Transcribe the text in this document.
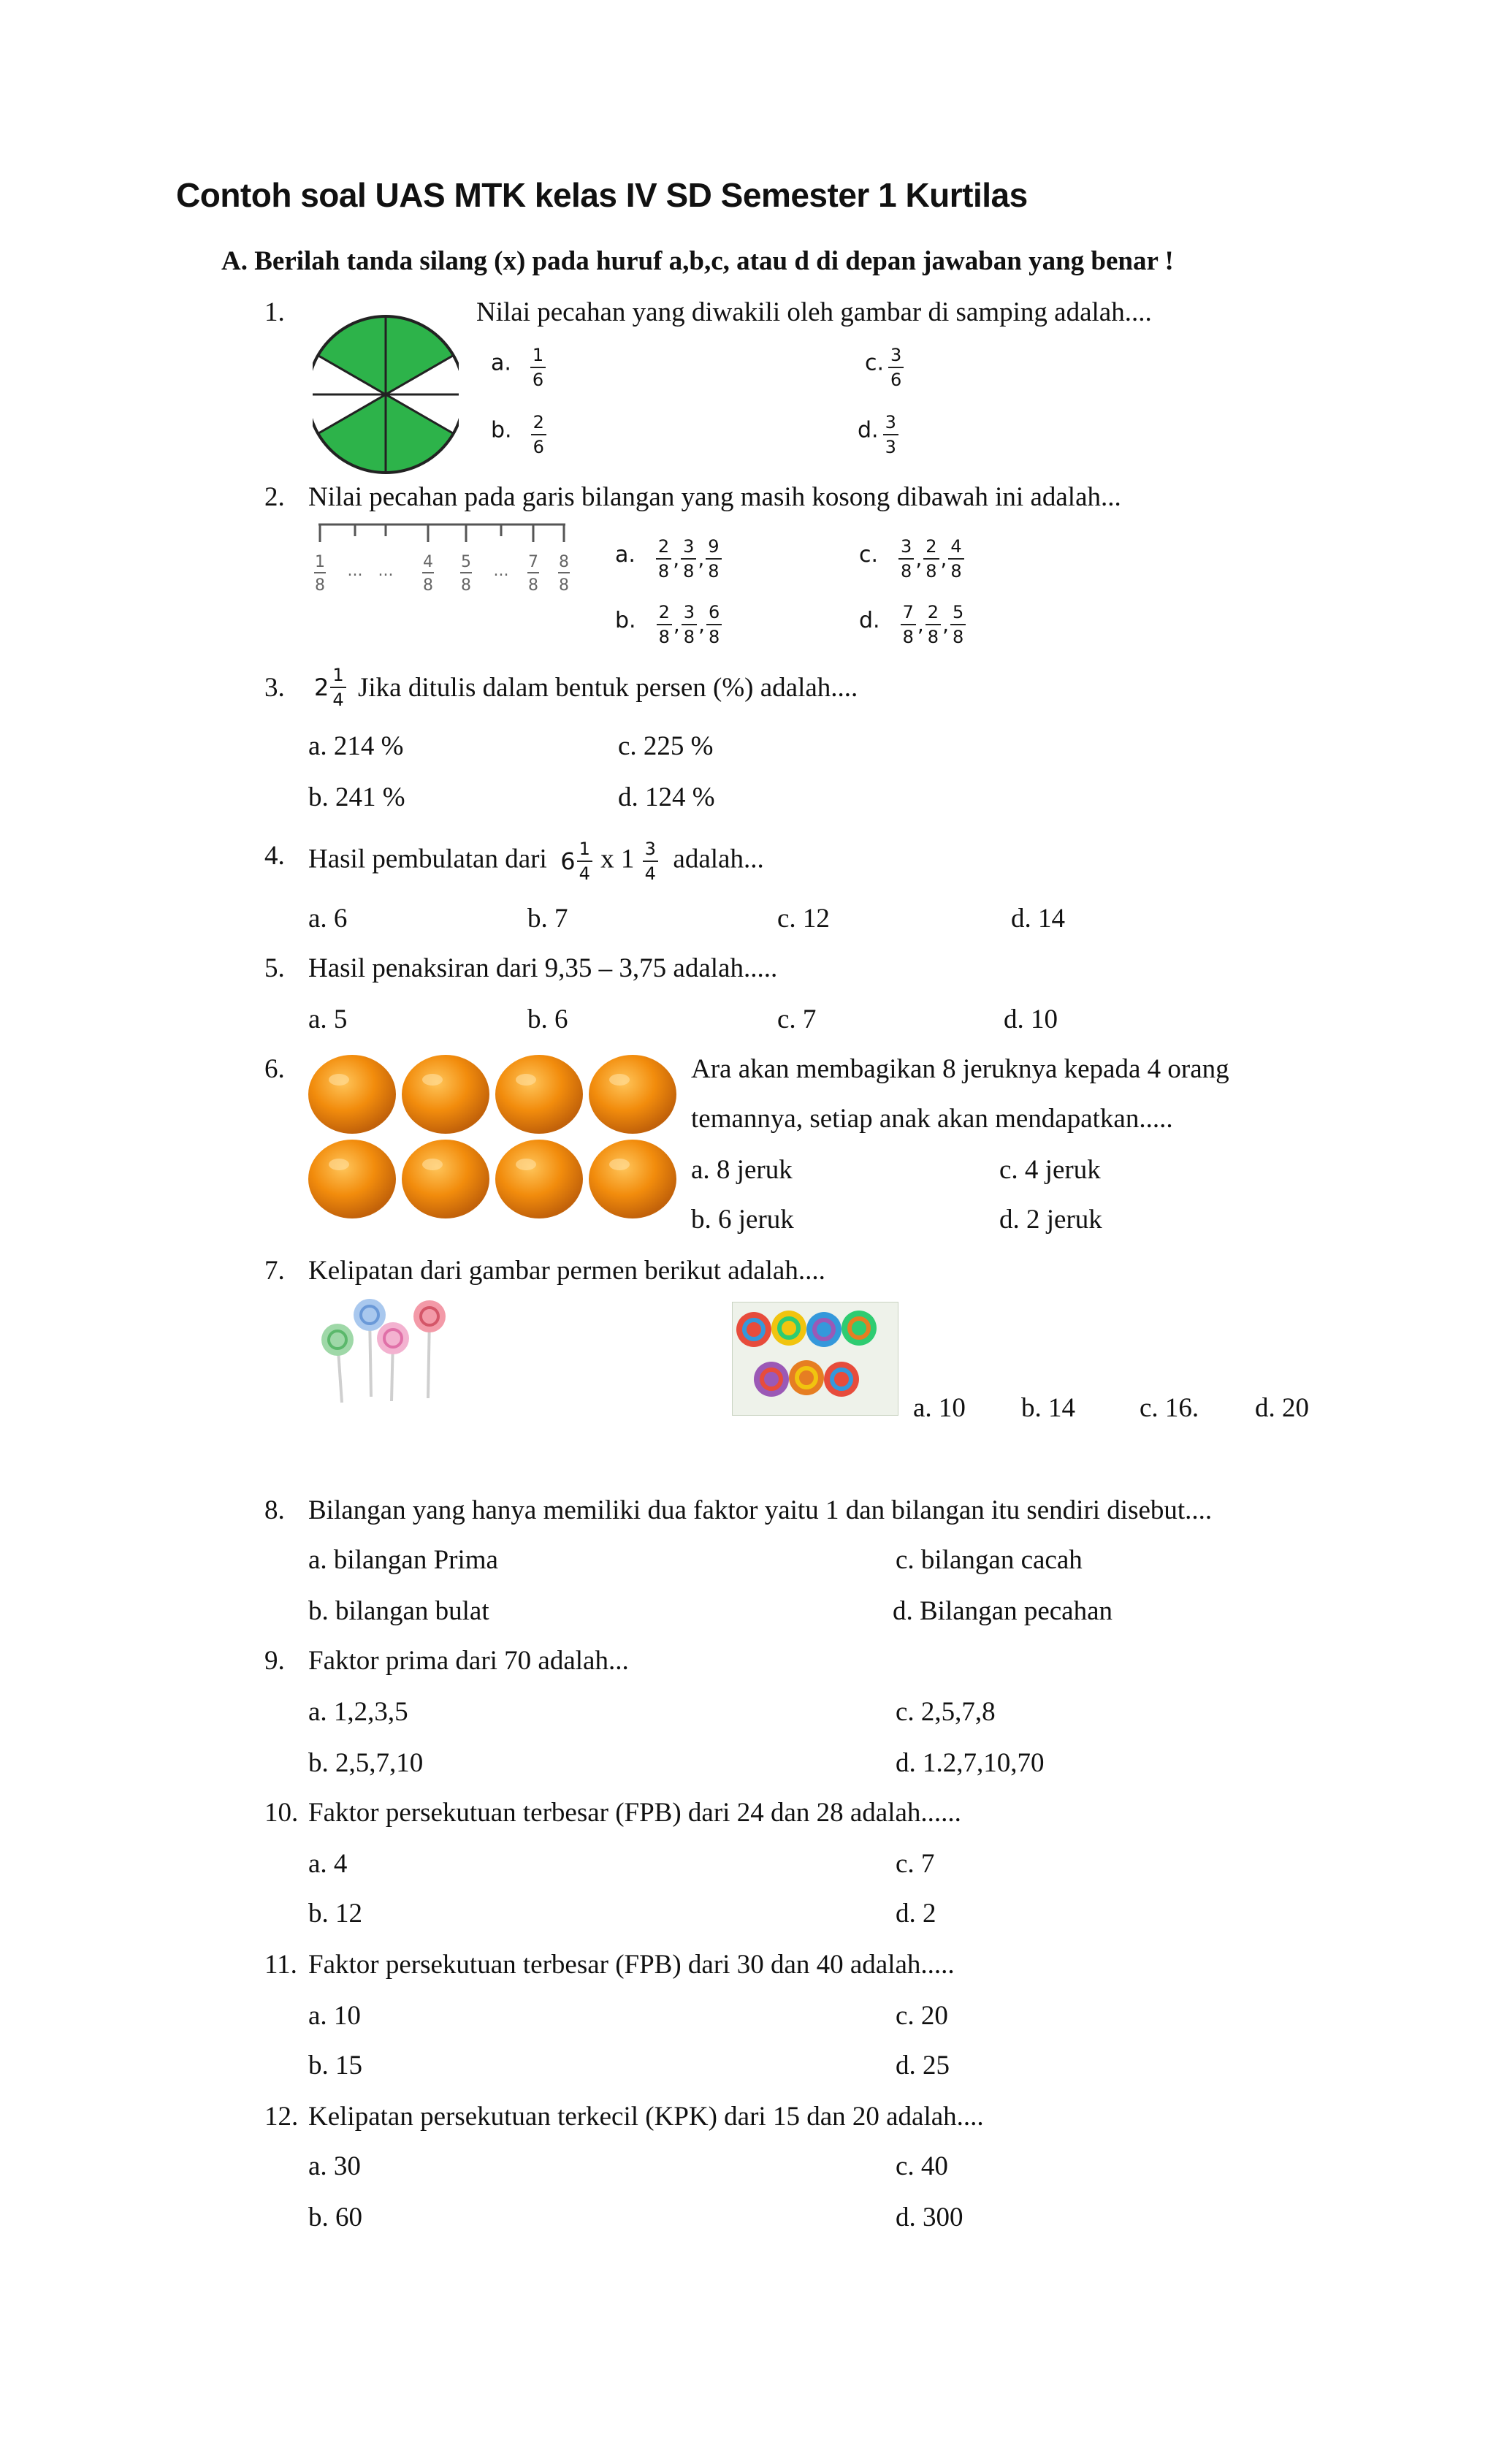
Contoh soal UAS MTK kelas IV SD Semester 1 Kurtilas
A. Berilah tanda silang (x) pada huruf a,b,c, atau d di depan jawaban yang benar !
1.	Nilai pecahan yang diwakili oleh gambar di samping adalah....
a. $\frac{1}{6}$
b. $\frac{2}{6}$
c. $\frac{3}{6}$
d. $\frac{3}{3}$
2. Nilai pecahan pada garis bilangan yang masih kosong dibawah ini adalah...
1
8
... ... 4
8
5
8
... 7
8
8
8
a. $\frac{2}{8}$ , $\frac{3}{8}$ , $\frac{9}{8}$
b. $\frac{2}{8}$ , $\frac{3}{8}$ , $\frac{6}{8}$
c. $\frac{3}{8}$ , $\frac{2}{8}$ , $\frac{4}{8}$
d. $\frac{7}{8}$ , $\frac{2}{8}$ , $\frac{5}{8}$
3. $2 \frac{1}{4}$ Jika ditulis dalam bentuk persen (%) adalah....
a. 214 %
b. 241 %
c. 225 %
d. 124 %
4. Hasil pembulatan dari $6 \frac{1}{4}$ x $1 \frac{3}{4}$ adalah...
a. 6	b. 7	c. 12	d. 14
5. Hasil penaksiran dari 9,35 – 3,75 adalah.....
a. 5	b. 6	c. 7	d. 10
6.	Ara akan membagikan 8 jeruknya kepada 4 orang
temannya, setiap anak akan mendapatkan.....
a. 8 jeruk
b. 6 jeruk
c. 4 jeruk
d. 2 jeruk
7. Kelipatan dari gambar permen berikut adalah....
a. 10 b. 14 c. 16. d. 20
8. Bilangan yang hanya memiliki dua faktor yaitu 1 dan bilangan itu sendiri disebut....
a. bilangan Prima
b. bilangan bulat
c. bilangan cacah
d. Bilangan pecahan
9. Faktor prima dari 70 adalah...
a. 1,2,3,5
b. 2,5,7,10
c. 2,5,7,8
d. 1.2,7,10,70
10. Faktor persekutuan terbesar (FPB) dari 24 dan 28 adalah......
a. 4
b. 12
c. 7
d. 2
11. Faktor persekutuan terbesar (FPB) dari 30 dan 40 adalah.....
a. 10
b. 15
c. 20
d. 25
12. Kelipatan persekutuan terkecil (KPK) dari 15 dan 20 adalah....
a. 30
b. 60
c. 40
d. 300
